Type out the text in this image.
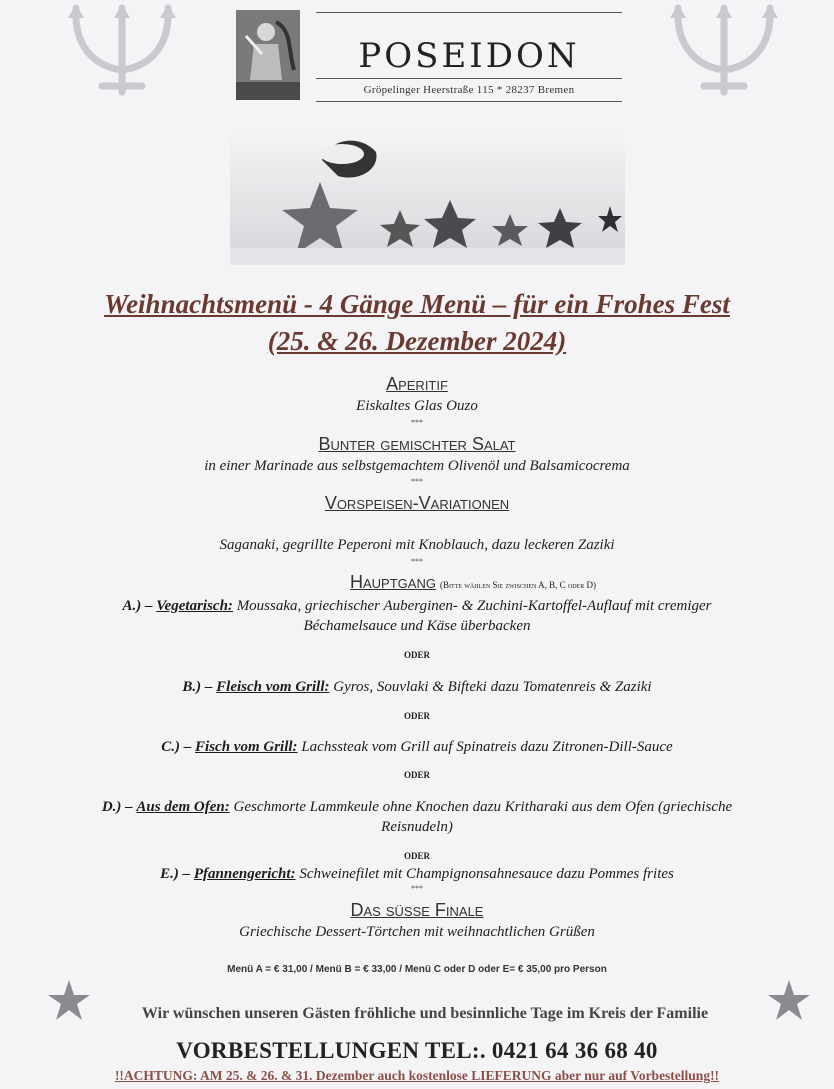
POSEIDON
Gröpelinger Heerstraße 115 * 28237 Bremen
Weihnachtsmenü - 4 Gänge Menü – für ein Frohes Fest
(25. & 26. Dezember 2024)
Aperitif
Eiskaltes Glas Ouzo
***
Bunter gemischter Salat
in einer Marinade aus selbstgemachtem Olivenöl und Balsamicocrema
***
Vorspeisen-Variationen
Saganaki, gegrillte Peperoni mit Knoblauch, dazu leckeren Zaziki
***
Hauptgang (Bitte wählen Sie zwischen A, B, C oder D)
A.) – Vegetarisch: Moussaka, griechischer Auberginen- & Zuchini-Kartoffel-Auflauf mit cremiger
Béchamelsauce und Käse überbacken
ODER
B.) – Fleisch vom Grill: Gyros, Souvlaki & Bifteki dazu Tomatenreis & Zaziki
ODER
C.) – Fisch vom Grill: Lachssteak vom Grill auf Spinatreis dazu Zitronen-Dill-Sauce
ODER
D.) – Aus dem Ofen: Geschmorte Lammkeule ohne Knochen dazu Kritharaki aus dem Ofen (griechische
Reisnudeln)
ODER
E.) – Pfannengericht: Schweinefilet mit Champignonsahnesauce dazu Pommes frites
***
Das süsse Finale
Griechische Dessert-Törtchen mit weihnachtlichen Grüßen
Menü A = € 31,00 / Menü B = € 33,00 / Menü C oder D oder E= € 35,00 pro Person
Wir wünschen unseren Gästen fröhliche und besinnliche Tage im Kreis der Familie
VORBESTELLUNGEN TEL:. 0421 64 36 68 40
!!ACHTUNG: AM 25. & 26. & 31. Dezember auch kostenlose LIEFERUNG aber nur auf Vorbestellung!!
